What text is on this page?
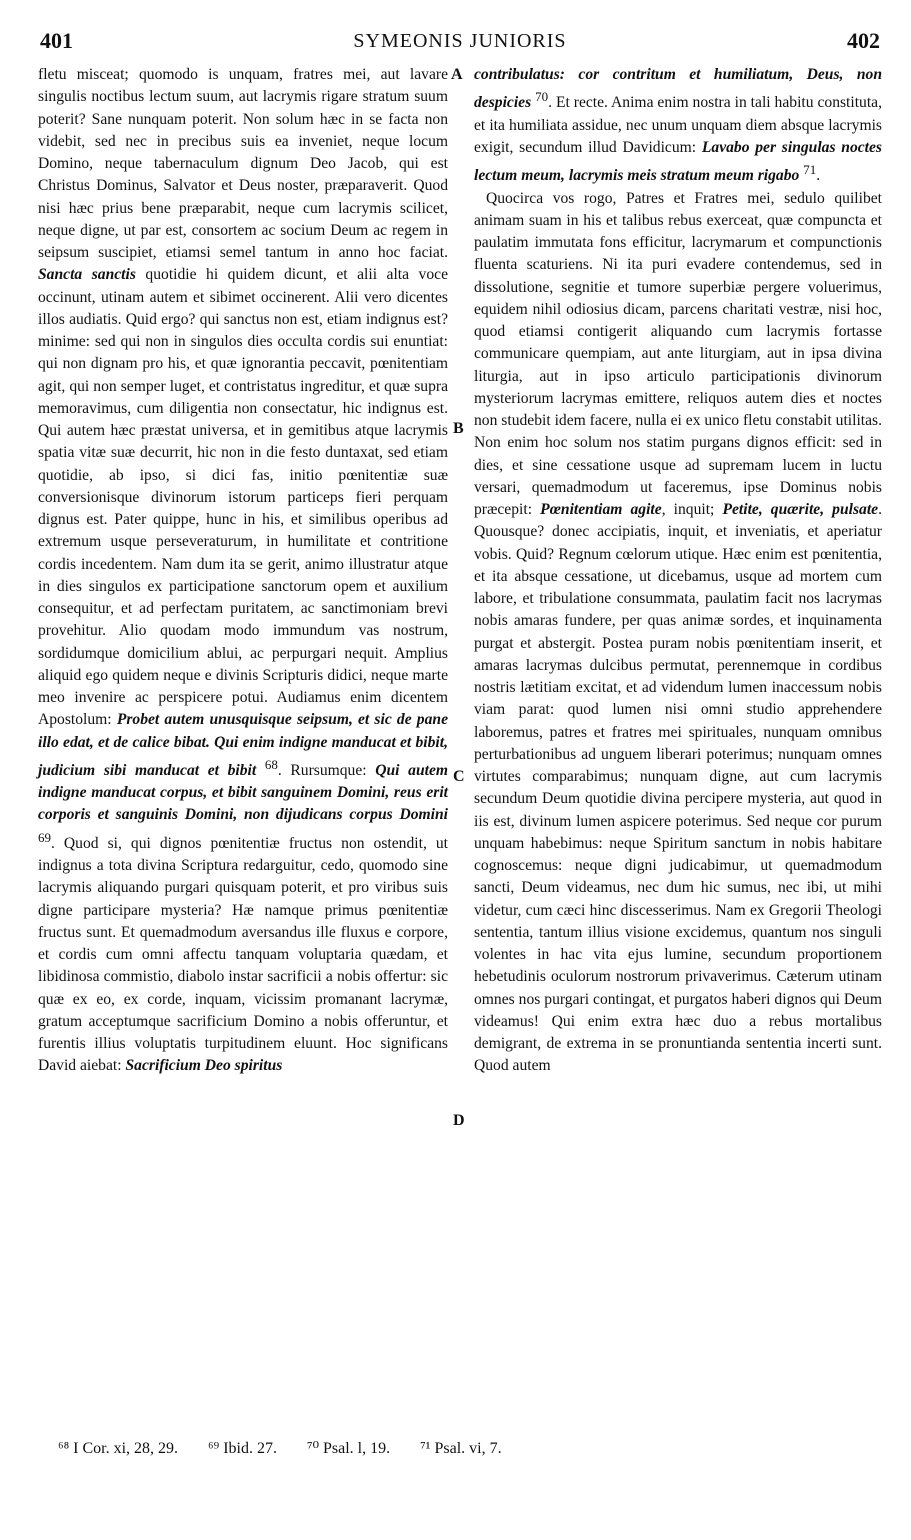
401	SYMEONIS JUNIORIS	402

fletu misceat; quomodo is unquam, fratres mei, aut lavare singulis noctibus lectum suum, aut lacrymis rigare stratum suum poterit? Sane nunquam poterit. Non solum hæc in se facta non videbit, sed nec in precibus suis ea inveniet, neque locum Domino, neque tabernaculum dignum Deo Jacob, qui est Christus Dominus, Salvator et Deus noster, præparaverit. Quod nisi hæc prius bene præparabit, neque cum lacrymis scilicet, neque digne, ut par est, consortem ac socium Deum ac regem in seipsum suscipiet, etiamsi semel tantum in anno hoc faciat. Sancta sanctis quotidie hi quidem dicunt, et alii alta voce occinunt, utinam autem et sibimet occinerent. Alii vero dicentes illos audiatis. Quid ergo? qui sanctus non est, etiam indignus est? minime: sed qui non in singulos dies occulta cordis sui enuntiat: qui non dignam pro his, et quæ ignorantia peccavit, pœnitentiam agit, qui non semper luget, et contristatus ingreditur, et quæ supra memoravimus, cum diligentia non consectatur, hic indignus est. Qui autem hæc præstat universa, et in gemitibus atque lacrymis spatia vitæ suæ decurrit, hic non in die festo duntaxat, sed etiam quotidie, ab ipso, si dici fas, initio pœnitentiæ suæ conversionisque divinorum istorum particeps fieri perquam dignus est. Pater quippe, hunc in his, et similibus operibus ad extremum usque perseveraturum, in humilitate et contritione cordis incedentem. Nam dum ita se gerit, animo illustratur atque in dies singulos ex participatione sanctorum opem et auxilium consequitur, et ad perfectam puritatem, ac sanctimoniam brevi provehitur. Alio quodam modo immundum vas nostrum, sordidumque domicilium ablui, ac perpurgari nequit. Amplius aliquid ego quidem neque e divinis Scripturis didici, neque marte meo invenire ac perspicere potui. Audiamus enim dicentem Apostolum: Probet autem unusquisque seipsum, et sic de pane illo edat, et de calice bibat. Qui enim indigne manducat et bibit, judicium sibi manducat et bibit $^{68}$. Rursumque: Qui autem indigne manducat corpus, et bibit sanguinem Domini, reus erit corporis et sanguinis Domini, non dijudicans corpus Domini $^{69}$. Quod si, qui dignos pœnitentiæ fructus non ostendit, ut indignus a tota divina Scriptura redarguitur, cedo, quomodo sine lacrymis aliquando purgari quisquam poterit, et pro viribus suis digne participare mysteria? Hæ namque primus pœnitentiæ fructus sunt. Et quemadmodum aversandus ille fluxus e corpore, et cordis cum omni affectu tanquam voluptaria quædam, et libidinosa commistio, diabolo instar sacrificii a nobis offertur: sic quæ ex eo, ex corde, inquam, vicissim promanant lacrymæ, gratum acceptumque sacrificium Domino a nobis offeruntur, et furentis illius voluptatis turpitudinem eluunt. Hoc significans David aiebat: Sacrificium Deo spiritus

contribulatus: cor contritum et humiliatum, Deus, non despicies $^{70}$. Et recte. Anima enim nostra in tali habitu constituta, et ita humiliata assidue, nec unum unquam diem absque lacrymis exigit, secundum illud Davidicum: Lavabo per singulas noctes lectum meum, lacrymis meis stratum meum rigabo $^{71}$.

Quocirca vos rogo, Patres et Fratres mei, sedulo quilibet animam suam in his et talibus rebus exerceat, quæ compuncta et paulatim immutata fons efficitur, lacrymarum et compunctionis fluenta scaturiens. Ni ita puri evadere contendemus, sed in dissolutione, segnitie et tumore superbiæ pergere voluerimus, equidem nihil odiosius dicam, parcens charitati vestræ, nisi hoc, quod etiamsi contigerit aliquando cum lacrymis fortasse communicare quempiam, aut ante liturgiam, aut in ipsa divina liturgia, aut in ipso articulo participationis divinorum mysteriorum lacrymas emittere, reliquos autem dies et noctes non studebit idem facere, nulla ei ex unico fletu constabit utilitas. Non enim hoc solum nos statim purgans dignos efficit: sed in dies, et sine cessatione usque ad supremam lucem in luctu versari, quemadmodum ut faceremus, ipse Dominus nobis præcepit: Pœnitentiam agite, inquit; Petite, quærite, pulsate. Quousque? donec accipiatis, inquit, et inveniatis, et aperiatur vobis. Quid? Regnum cœlorum utique. Hæc enim est pœnitentia, et ita absque cessatione, ut dicebamus, usque ad mortem cum labore, et tribulatione consummata, paulatim facit nos lacrymas nobis amaras fundere, per quas animæ sordes, et inquinamenta purgat et abstergit. Postea puram nobis pœnitentiam inserit, et amaras lacrymas dulcibus permutat, perennemque in cordibus nostris lætitiam excitat, et ad videndum lumen inaccessum nobis viam parat: quod lumen nisi omni studio apprehendere laboremus, patres et fratres mei spirituales, nunquam omnibus perturbationibus ad unguem liberari poterimus; nunquam omnes virtutes comparabimus; nunquam digne, aut cum lacrymis secundum Deum quotidie divina percipere mysteria, aut quod in iis est, divinum lumen aspicere poterimus. Sed neque cor purum unquam habebimus: neque Spiritum sanctum in nobis habitare cognoscemus: neque digni judicabimur, ut quemadmodum sancti, Deum videamus, nec dum hic sumus, nec ibi, ut mihi videtur, cum cæci hinc discesserimus. Nam ex Gregorii Theologi sententia, tantum illius visione excidemus, quantum nos singuli volentes in hac vita ejus lumine, secundum proportionem hebetudinis oculorum nostrorum privaverimus. Cæterum utinam omnes nos purgari contingat, et purgatos haberi dignos qui Deum videamus! Qui enim extra hæc duo a rebus mortalibus demigrant, de extrema in se pronuntianda sententia incerti sunt. Quod autem

A
B
C
D
⁶⁸ I Cor. xi, 28, 29. ⁶⁹ Ibid. 27. ⁷⁰ Psal. l, 19. ⁷¹ Psal. vi, 7.
